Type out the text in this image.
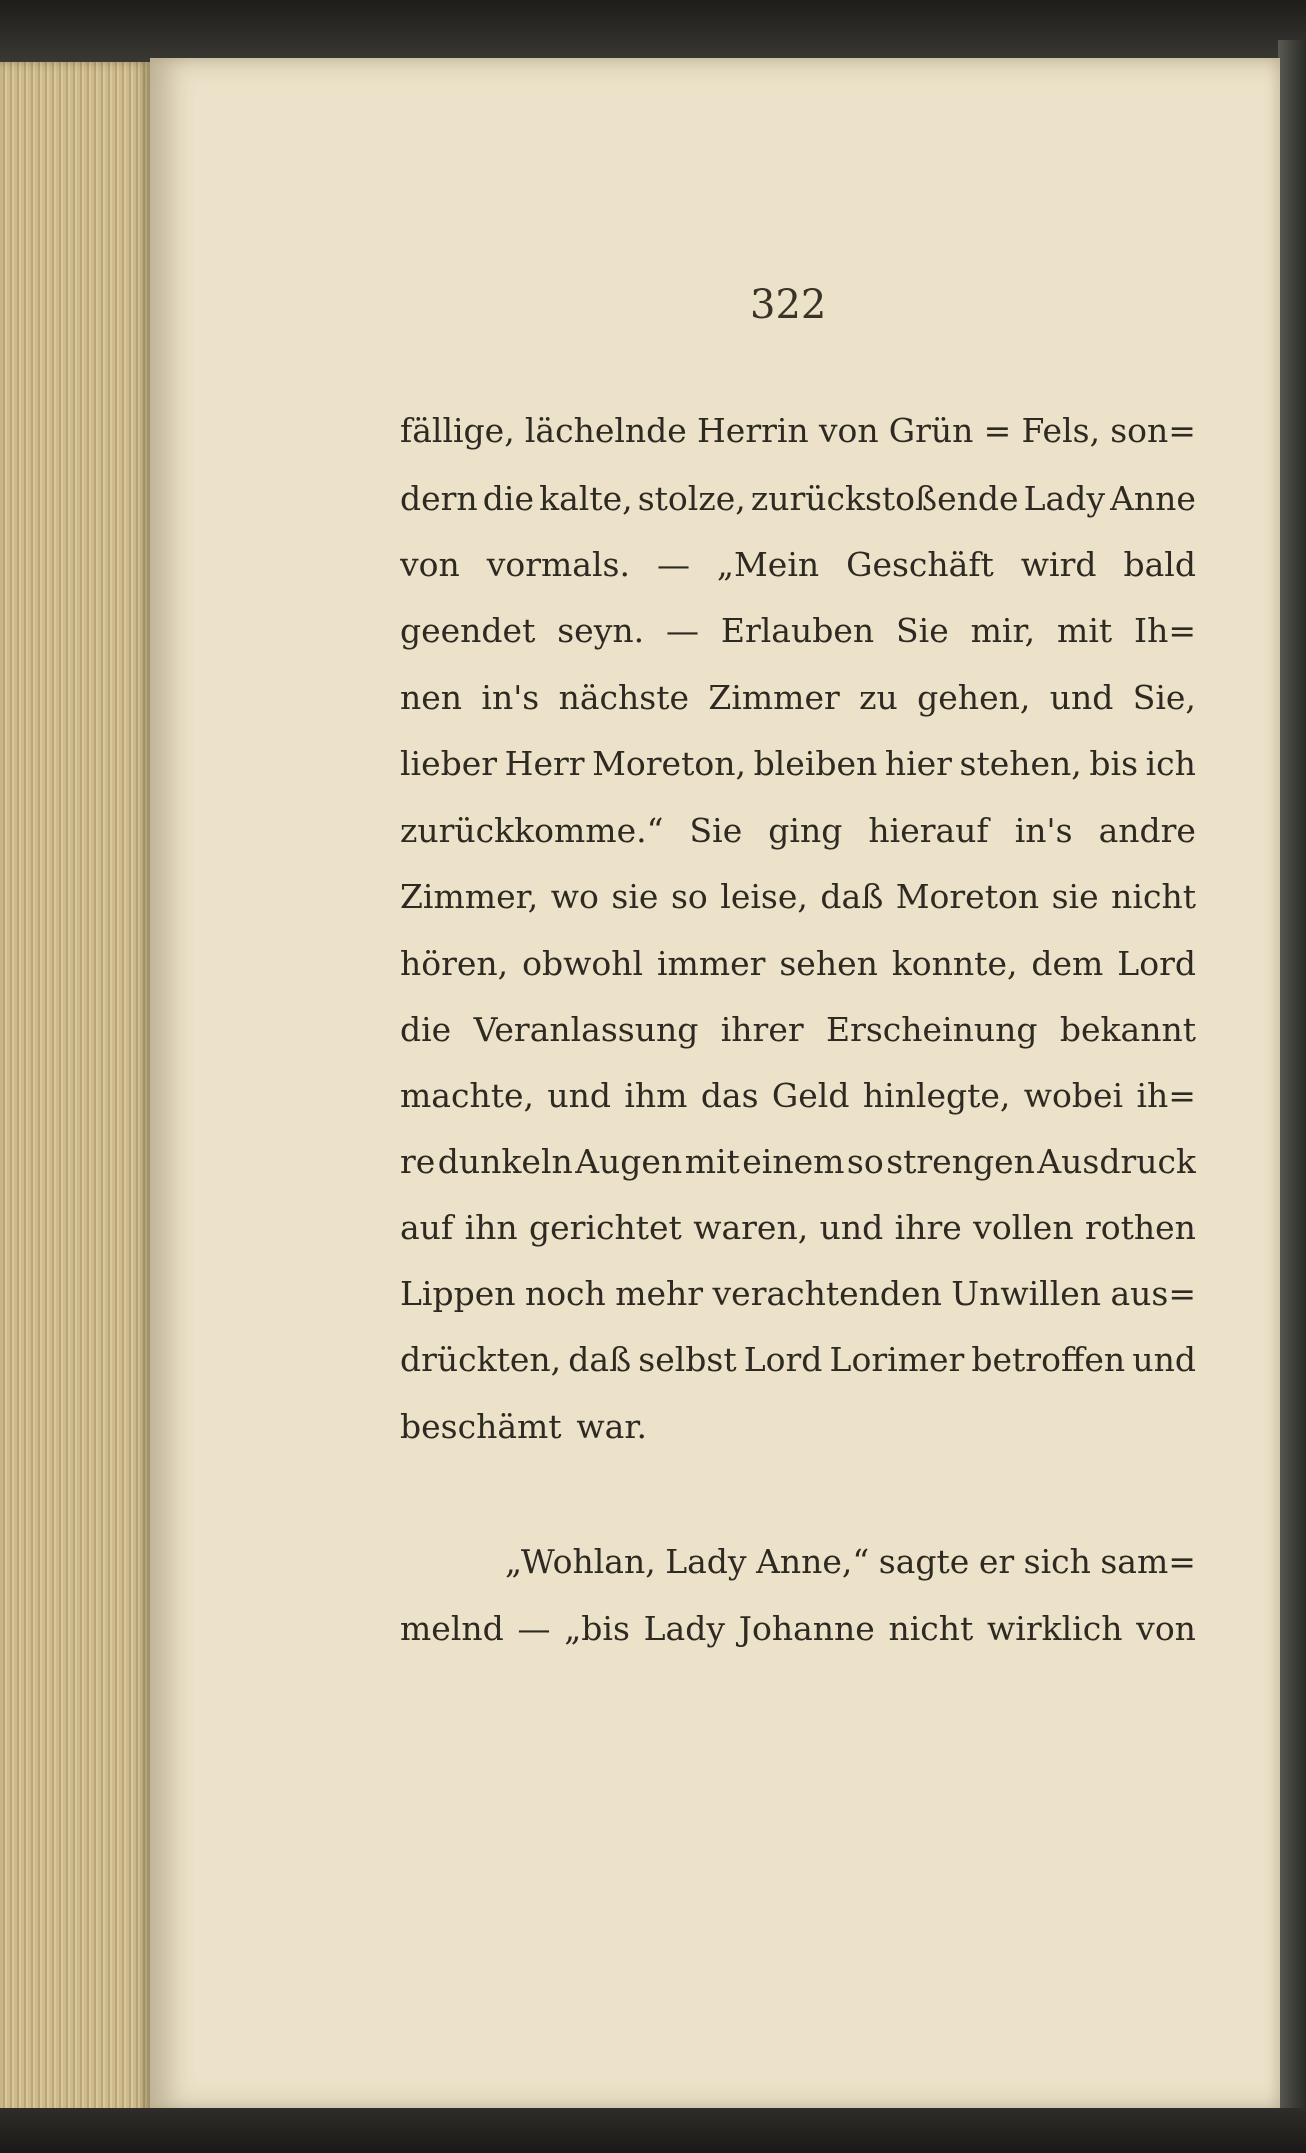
322

fällige, lächelnde Herrin von Grün = Fels, son=

dern die kalte, stolze, zurückstoßende Lady Anne

von vormals. — „Mein Geschäft wird bald

geendet seyn. — Erlauben Sie mir, mit Ih=

nen in's nächste Zimmer zu gehen, und Sie,

lieber Herr Moreton, bleiben hier stehen, bis ich

zurückkomme.“ Sie ging hierauf in's andre

Zimmer, wo sie so leise, daß Moreton sie nicht

hören, obwohl immer sehen konnte, dem Lord

die Veranlassung ihrer Erscheinung bekannt

machte, und ihm das Geld hinlegte, wobei ih=

re dunkeln Augen mit einem so strengen Ausdruck

auf ihn gerichtet waren, und ihre vollen rothen

Lippen noch mehr verachtenden Unwillen aus=

drückten, daß selbst Lord Lorimer betroffen und

beschämt war.

„Wohlan, Lady Anne,“ sagte er sich sam=

melnd — „bis Lady Johanne nicht wirklich von
